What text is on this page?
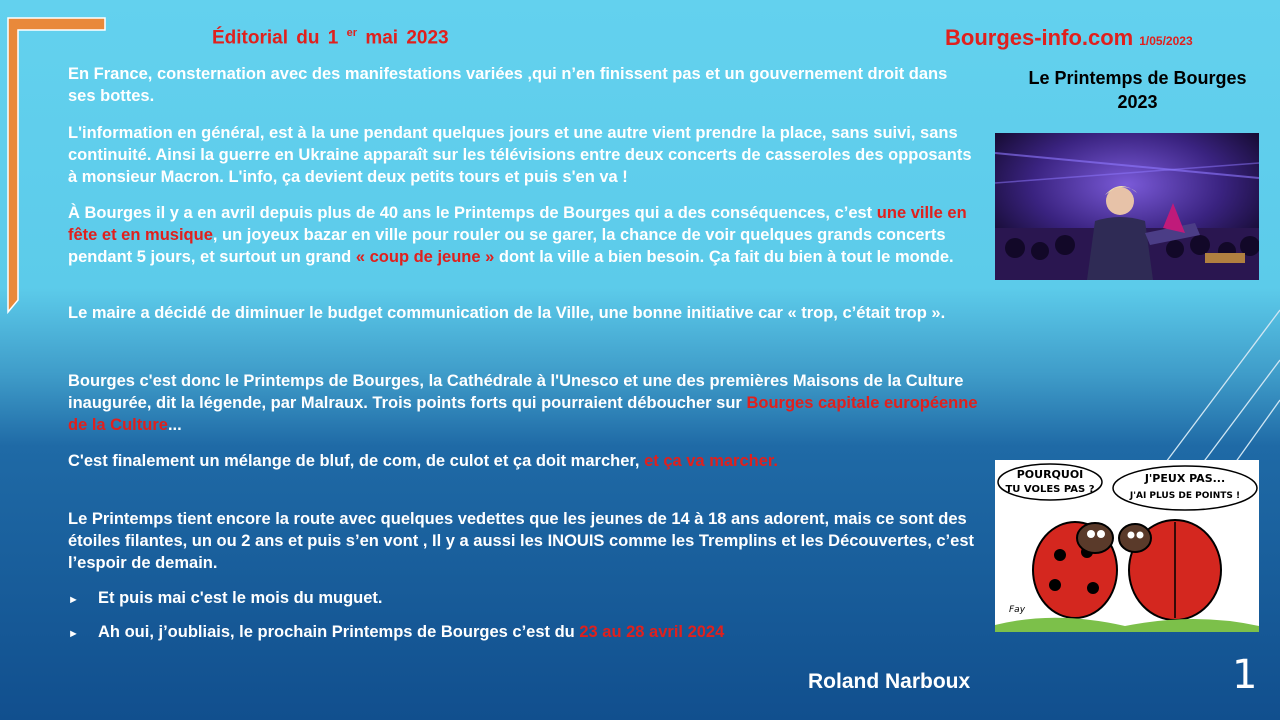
Éditorial du 1 $^{er}$ mai 2023	Bourges-info.com 1/05/2023
Le Printemps de Bourges
2023
En France, consternation avec des manifestations variées ,qui n’en finissent pas et un gouvernement droit dans ses bottes.
L'information en général, est à la une pendant quelques jours et une autre vient prendre la place, sans suivi, sans continuité. Ainsi la guerre en Ukraine apparaît sur les télévisions entre deux concerts de casseroles des opposants à monsieur Macron. L'info, ça devient deux petits tours et puis s'en va !
À Bourges il y a en avril depuis plus de 40 ans le Printemps de Bourges qui a des conséquences, c’est une ville en fête et en musique, un joyeux bazar en ville pour rouler ou se garer, la chance de voir quelques grands concerts pendant 5 jours, et surtout un grand « coup de jeune » dont la ville a bien besoin. Ça fait du bien à tout le monde.
Le maire a décidé de diminuer le budget communication de la Ville, une bonne initiative car « trop, c’était trop ».
Bourges c'est donc le Printemps de Bourges, la Cathédrale à l'Unesco et une des premières Maisons de la Culture inaugurée, dit la légende, par Malraux. Trois points forts qui pourraient déboucher sur Bourges capitale européenne de la Culture...
C'est finalement un mélange de bluf, de com, de culot et ça doit marcher, et ça va marcher.
Le Printemps tient encore la route avec quelques vedettes que les jeunes de 14 à 18 ans adorent, mais ce sont des étoiles filantes, un ou 2 ans et puis s’en vont , Il y a aussi les INOUIS comme les Tremplins et les Découvertes, c’est l’espoir de demain.
► Et puis mai c'est le mois du muguet.
► Ah oui, j’oubliais, le prochain Printemps de Bourges c’est du 23 au 28 avril 2024
POURQUOI
TU VOLES PAS ?
J'PEUX PAS...
J'AI PLUS DE POINTS !
Fay
Roland Narboux	1
